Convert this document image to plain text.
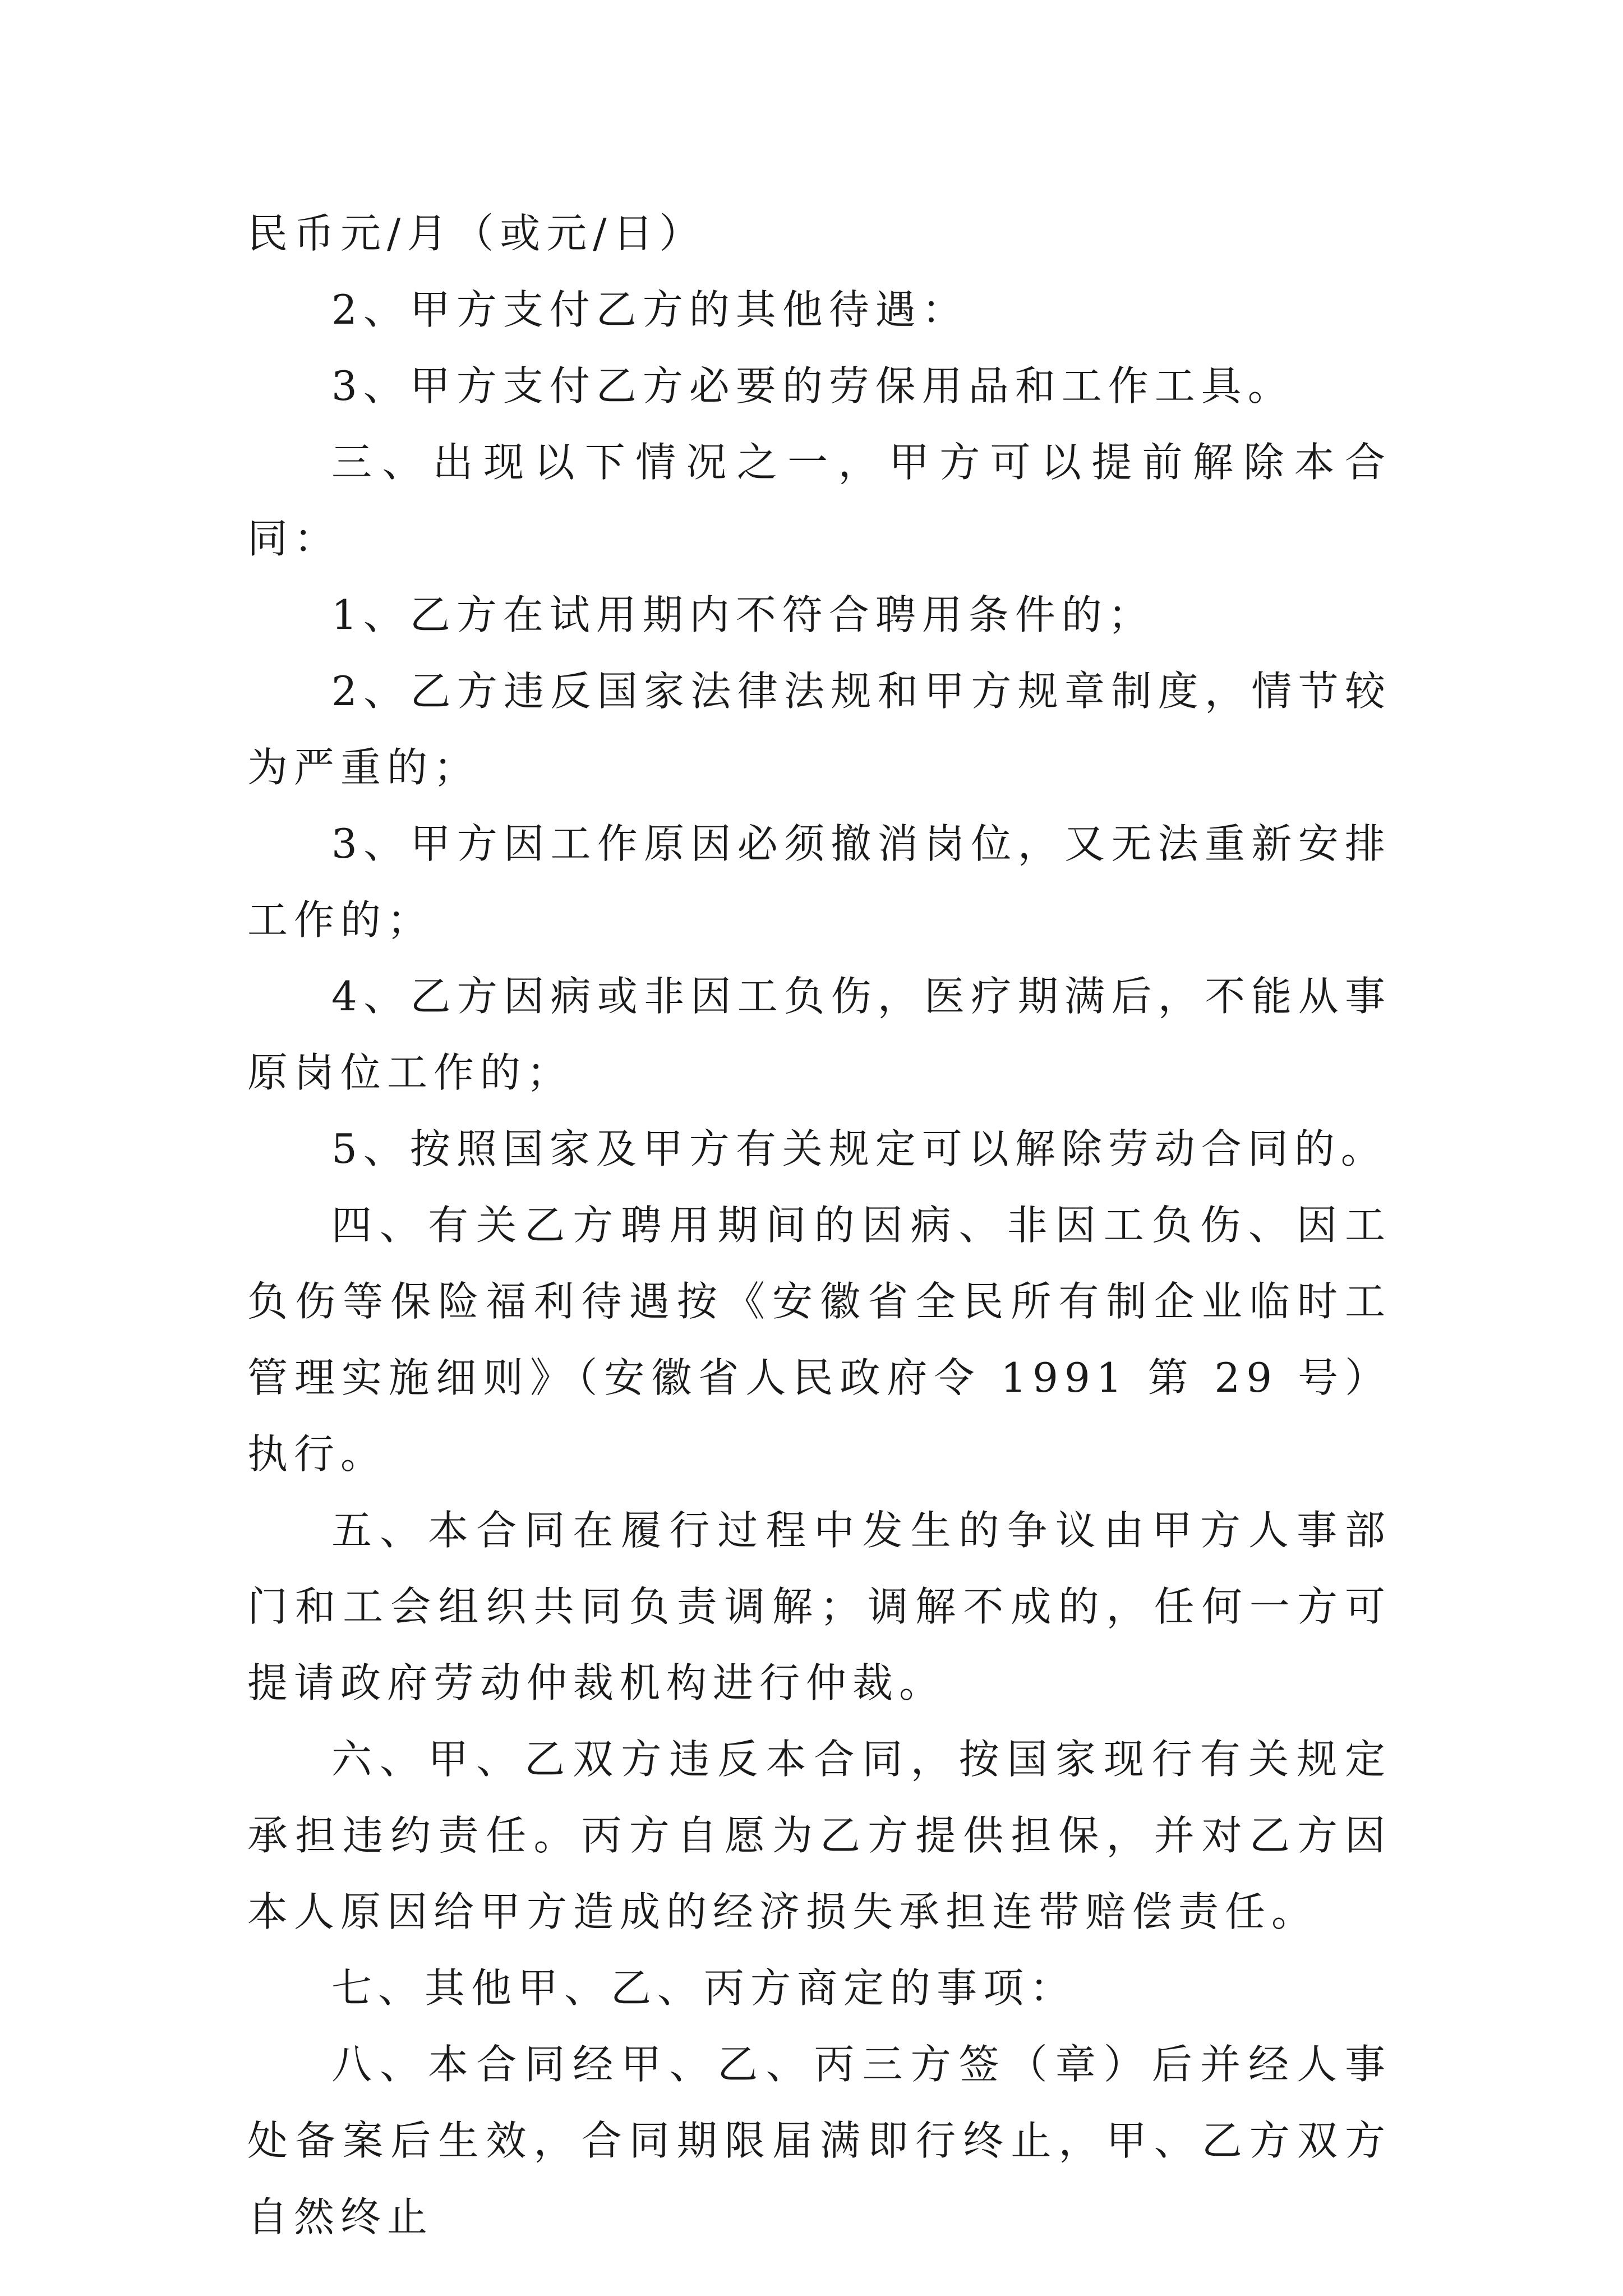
民币元/月（或元/日）

2、甲方支付乙方的其他待遇：

3、甲方支付乙方必要的劳保用品和工作工具。

三、出现以下情况之一，甲方可以提前解除本合同：

1、乙方在试用期内不符合聘用条件的；

2、乙方违反国家法律法规和甲方规章制度，情节较为严重的；

3、甲方因工作原因必须撤消岗位，又无法重新安排工作的；

4、乙方因病或非因工负伤，医疗期满后，不能从事原岗位工作的；

5、按照国家及甲方有关规定可以解除劳动合同的。

四、有关乙方聘用期间的因病、非因工负伤、因工负伤等保险福利待遇按《安徽省全民所有制企业临时工管理实施细则》（安徽省人民政府令 1991 第 29 号）执行。

五、本合同在履行过程中发生的争议由甲方人事部门和工会组织共同负责调解；调解不成的，任何一方可提请政府劳动仲裁机构进行仲裁。

六、甲、乙双方违反本合同，按国家现行有关规定承担违约责任。丙方自愿为乙方提供担保，并对乙方因本人原因给甲方造成的经济损失承担连带赔偿责任。

七、其他甲、乙、丙方商定的事项：

八、本合同经甲、乙、丙三方签（章）后并经人事处备案后生效，合同期限届满即行终止，甲、乙方双方自然终止
